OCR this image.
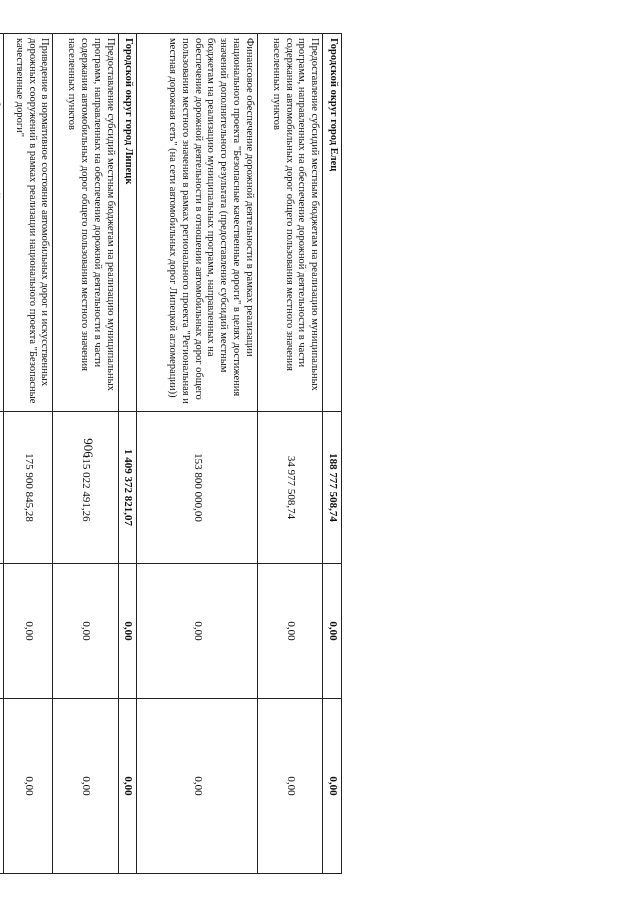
906
Городской округ город Елец	188 777 508,74	0,00	0,00
Предоставление субсидий местным бюджетам на реализацию муниципальных программ, направленных на обеспечение дорожной деятельности в части содержания автомобильных дорог общего пользования местного значения населенных пунктов	34 977 508,74	0,00	0,00
Финансовое обеспечение дорожной деятельности в рамках реализации национального проекта "Безопасные качественные дороги" в целях достижения значений дополнительного результата (предоставление субсидий местным бюджетам на реализацию муниципальных программ, направленных на обеспечение дорожной деятельности в отношении автомобильных дорог общего пользования местного значения в рамках регионального проекта "Региональная и местная дорожная сеть" (на сети автомобильных дорог Липецкой агломерации))	153 800 000,00	0,00	0,00
Городской округ город Липецк	1 409 372 821,07	0,00	0,00
Предоставление субсидий местным бюджетам на реализацию муниципальных программ, направленных на обеспечение дорожной деятельности в части содержания автомобильных дорог общего пользования местного значения населенных пунктов	115 022 491,26	0,00	0,00
Приведение в нормативное состояние автомобильных дорог и искусственных дорожных сооружений в рамках реализации национального проекта "Безопасные качественные дороги"	175 900 845,28	0,00	0,00
